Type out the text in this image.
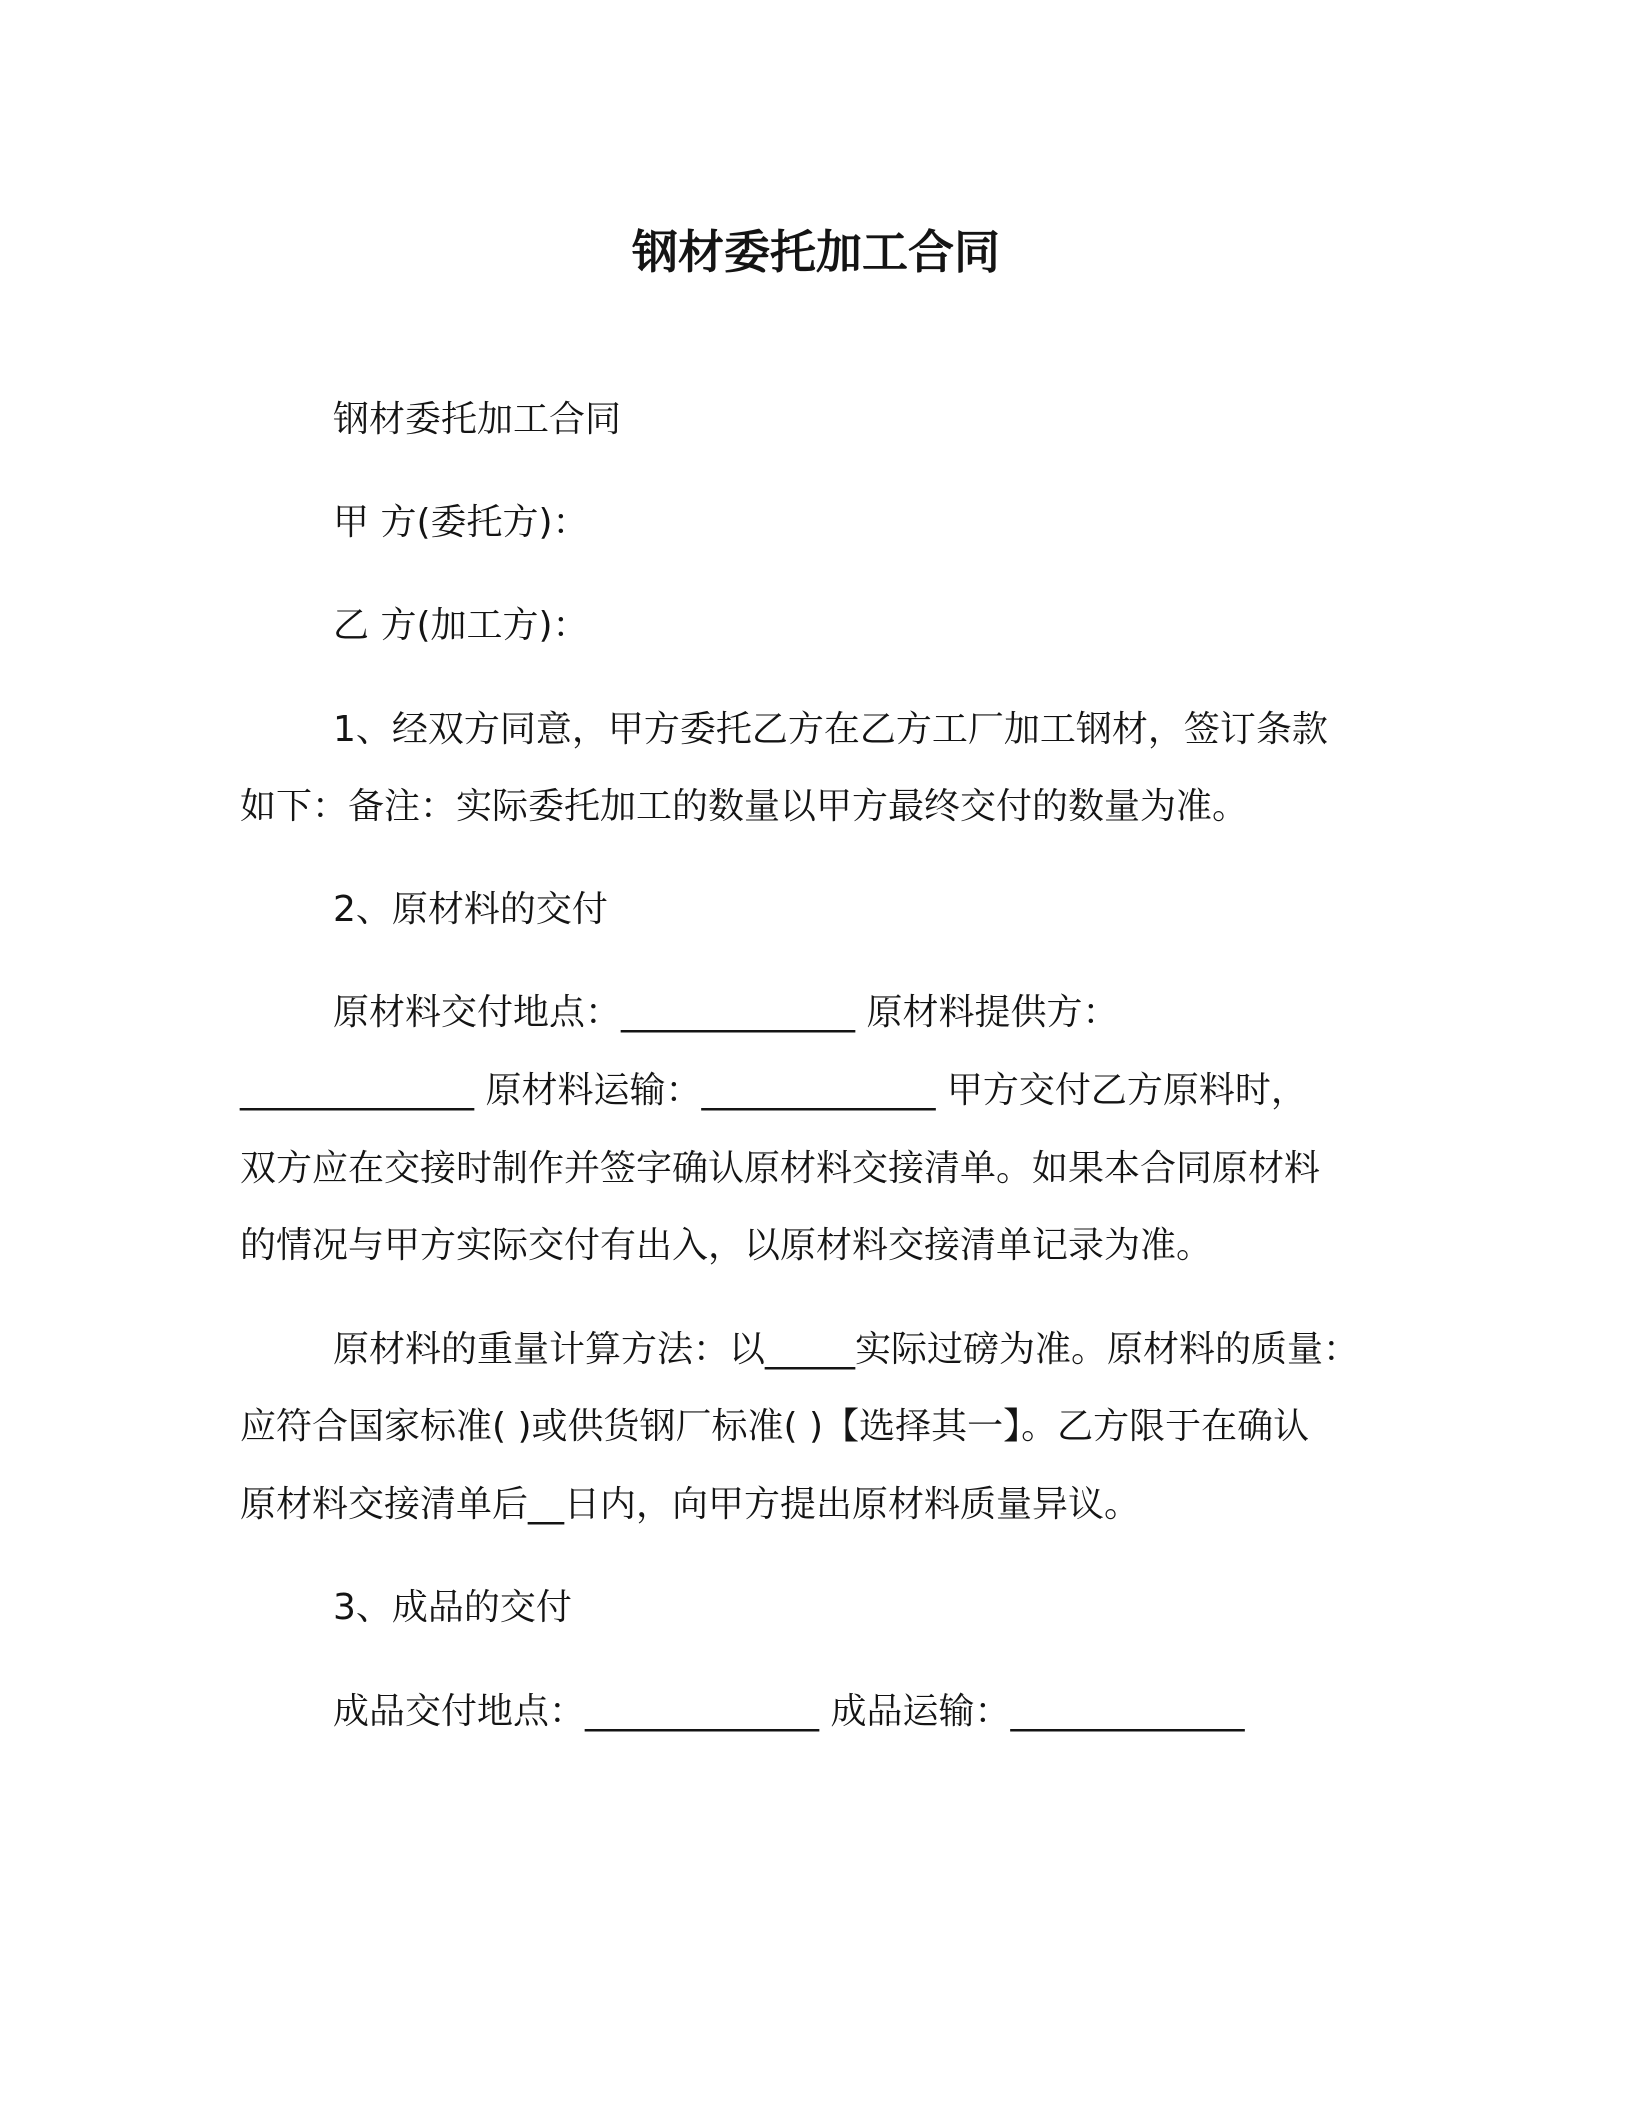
钢材委托加工合同
钢材委托加工合同
甲 方(委托方)：
乙 方(加工方)：
1、经双方同意，甲方委托乙方在乙方工厂加工钢材，签订条款
如下：备注：实际委托加工的数量以甲方最终交付的数量为准。
2、原材料的交付
原材料交付地点：_____________ 原材料提供方：
_____________ 原材料运输：_____________ 甲方交付乙方原料时，
双方应在交接时制作并签字确认原材料交接清单。如果本合同原材料
的情况与甲方实际交付有出入，以原材料交接清单记录为准。
原材料的重量计算方法：以_____实际过磅为准。原材料的质量：
应符合国家标准( )或供货钢厂标准( )【选择其一】。乙方限于在确认
原材料交接清单后__日内，向甲方提出原材料质量异议。
3、成品的交付
成品交付地点：_____________ 成品运输：_____________
